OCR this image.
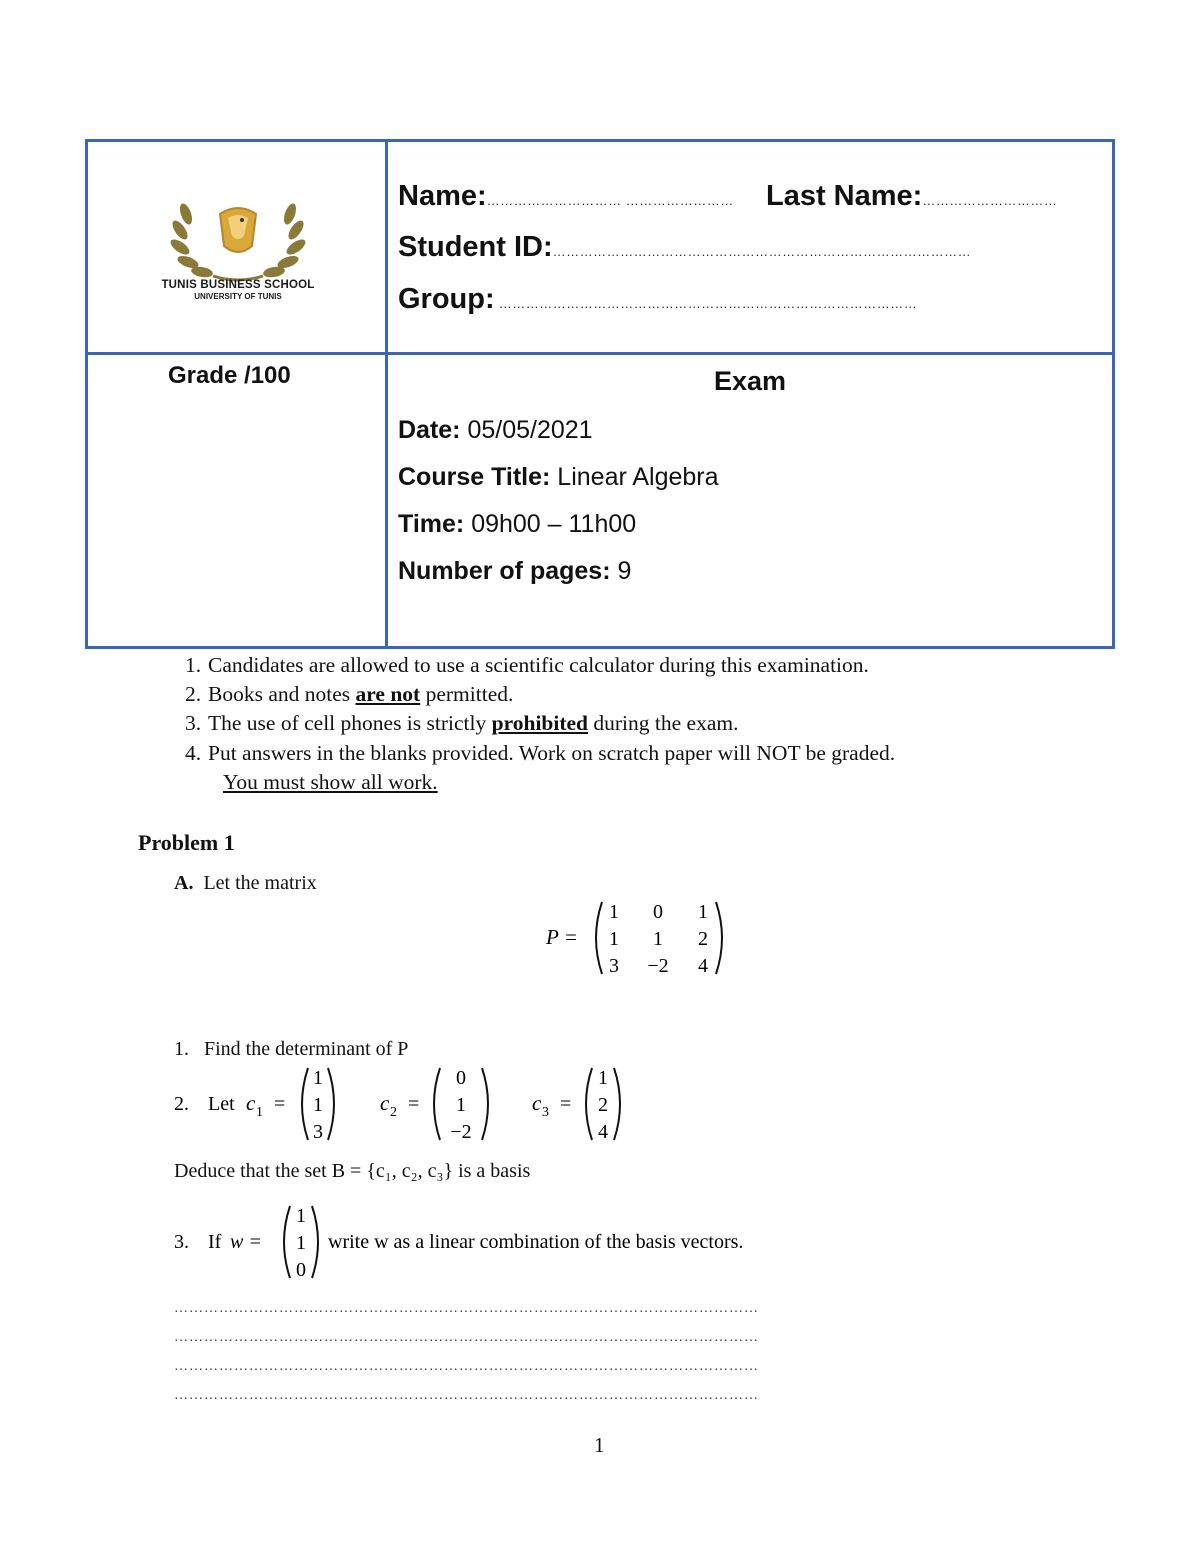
TUNIS BUSINESS SCHOOL
UNIVERSITY OF TUNIS
Name:………………………… …………………… Last Name:…………………………
Student ID:…………………………………………………………………………………
Group: …………………………………………………………………………………
Grade /100	Exam
Date: 05/05/2021
Course Title: Linear Algebra
Time: 09h00 – 11h00
Number of pages: 9
1. Candidates are allowed to use a scientific calculator during this examination.
2. Books and notes are not permitted.
3. The use of cell phones is strictly prohibited during the exam.
4. Put answers in the blanks provided. Work on scratch paper will NOT be graded.
You must show all work.
Problem 1
A. Let the matrix
P =
1 0 1
1 1 2
3 −2 4
1. Find the determinant of P
2. Let c 1 =
1
1
3
c 2 =
0
1
−2
c 3 =
1
2
4
Deduce that the set B = {c₁, c₂, c₃} is a basis
3. If w =
1
1
0
write w as a linear combination of the basis vectors.
………………………………………………………………………………………………………
………………………………………………………………………………………………………
………………………………………………………………………………………………………
………………………………………………………………………………………………………
1
